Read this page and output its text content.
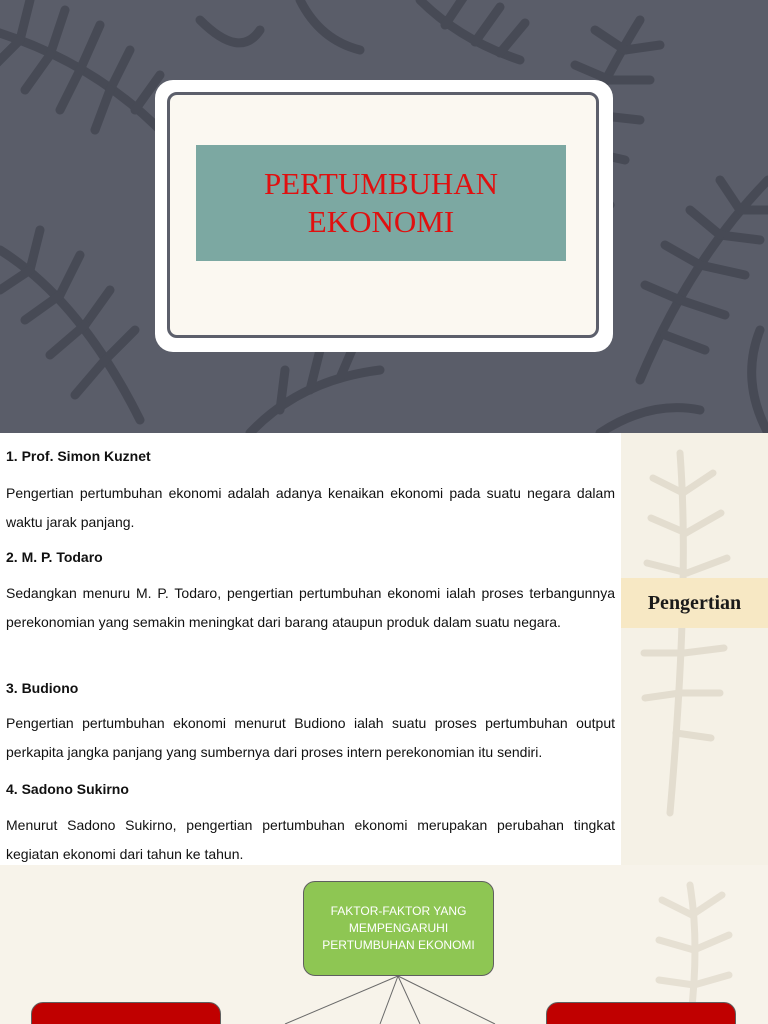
PERTUMBUHAN
EKONOMI
1. Prof. Simon Kuznet

Pengertian pertumbuhan ekonomi adalah adanya kenaikan ekonomi pada suatu negara dalam waktu jarak panjang.

2. M. P. Todaro

Sedangkan menuru M. P. Todaro, pengertian pertumbuhan ekonomi ialah proses terbangunnya perekonomian yang semakin meningkat dari barang ataupun produk dalam suatu negara.

3. Budiono

Pengertian pertumbuhan ekonomi menurut Budiono ialah suatu proses pertumbuhan output perkapita jangka panjang yang sumbernya dari proses intern perekonomian itu sendiri.

4. Sadono Sukirno

Menurut Sadono Sukirno, pengertian pertumbuhan ekonomi merupakan perubahan tingkat kegiatan ekonomi dari tahun ke tahun.

Pengertian
FAKTOR-FAKTOR YANG
MEMPENGARUHI
PERTUMBUHAN EKONOMI
